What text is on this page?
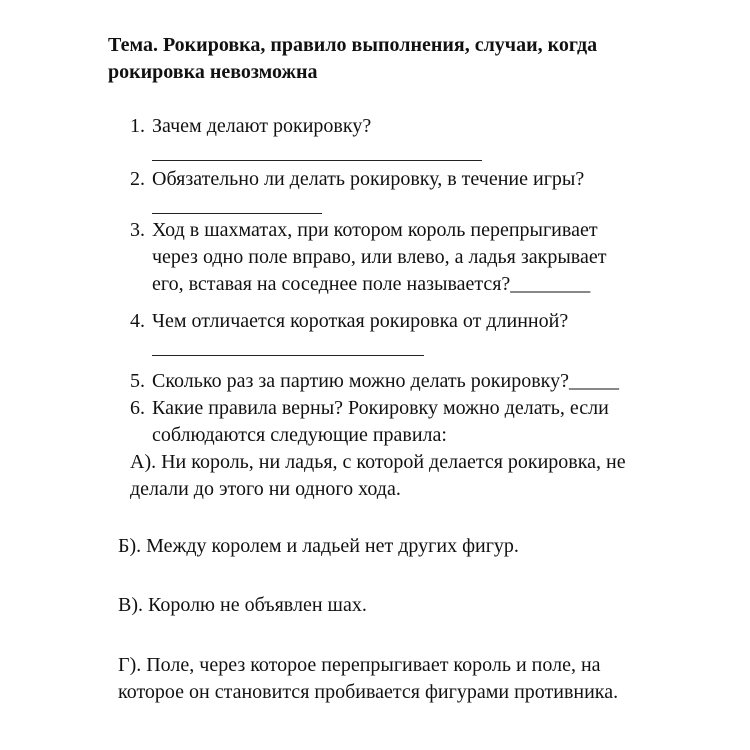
Тема. Рокировка, правило выполнения, случаи, когда
рокировка невозможна
1. Зачем делают рокировку?
2. Обязательно ли делать рокировку, в течение игры?
3. Ход в шахматах, при котором король перепрыгивает
через одно поле вправо, или влево, а ладья закрывает
его, вставая на соседнее поле называется?________
4. Чем отличается короткая рокировка от длинной?
5. Сколько раз за партию можно делать рокировку?_____
6. Какие правила верны? Рокировку можно делать, если
соблюдаются следующие правила:
А). Ни король, ни ладья, с которой делается рокировка, не
делали до этого ни одного хода.
Б). Между королем и ладьей нет других фигур.
В). Королю не объявлен шах.
Г). Поле, через которое перепрыгивает король и поле, на
которое он становится пробивается фигурами противника.
